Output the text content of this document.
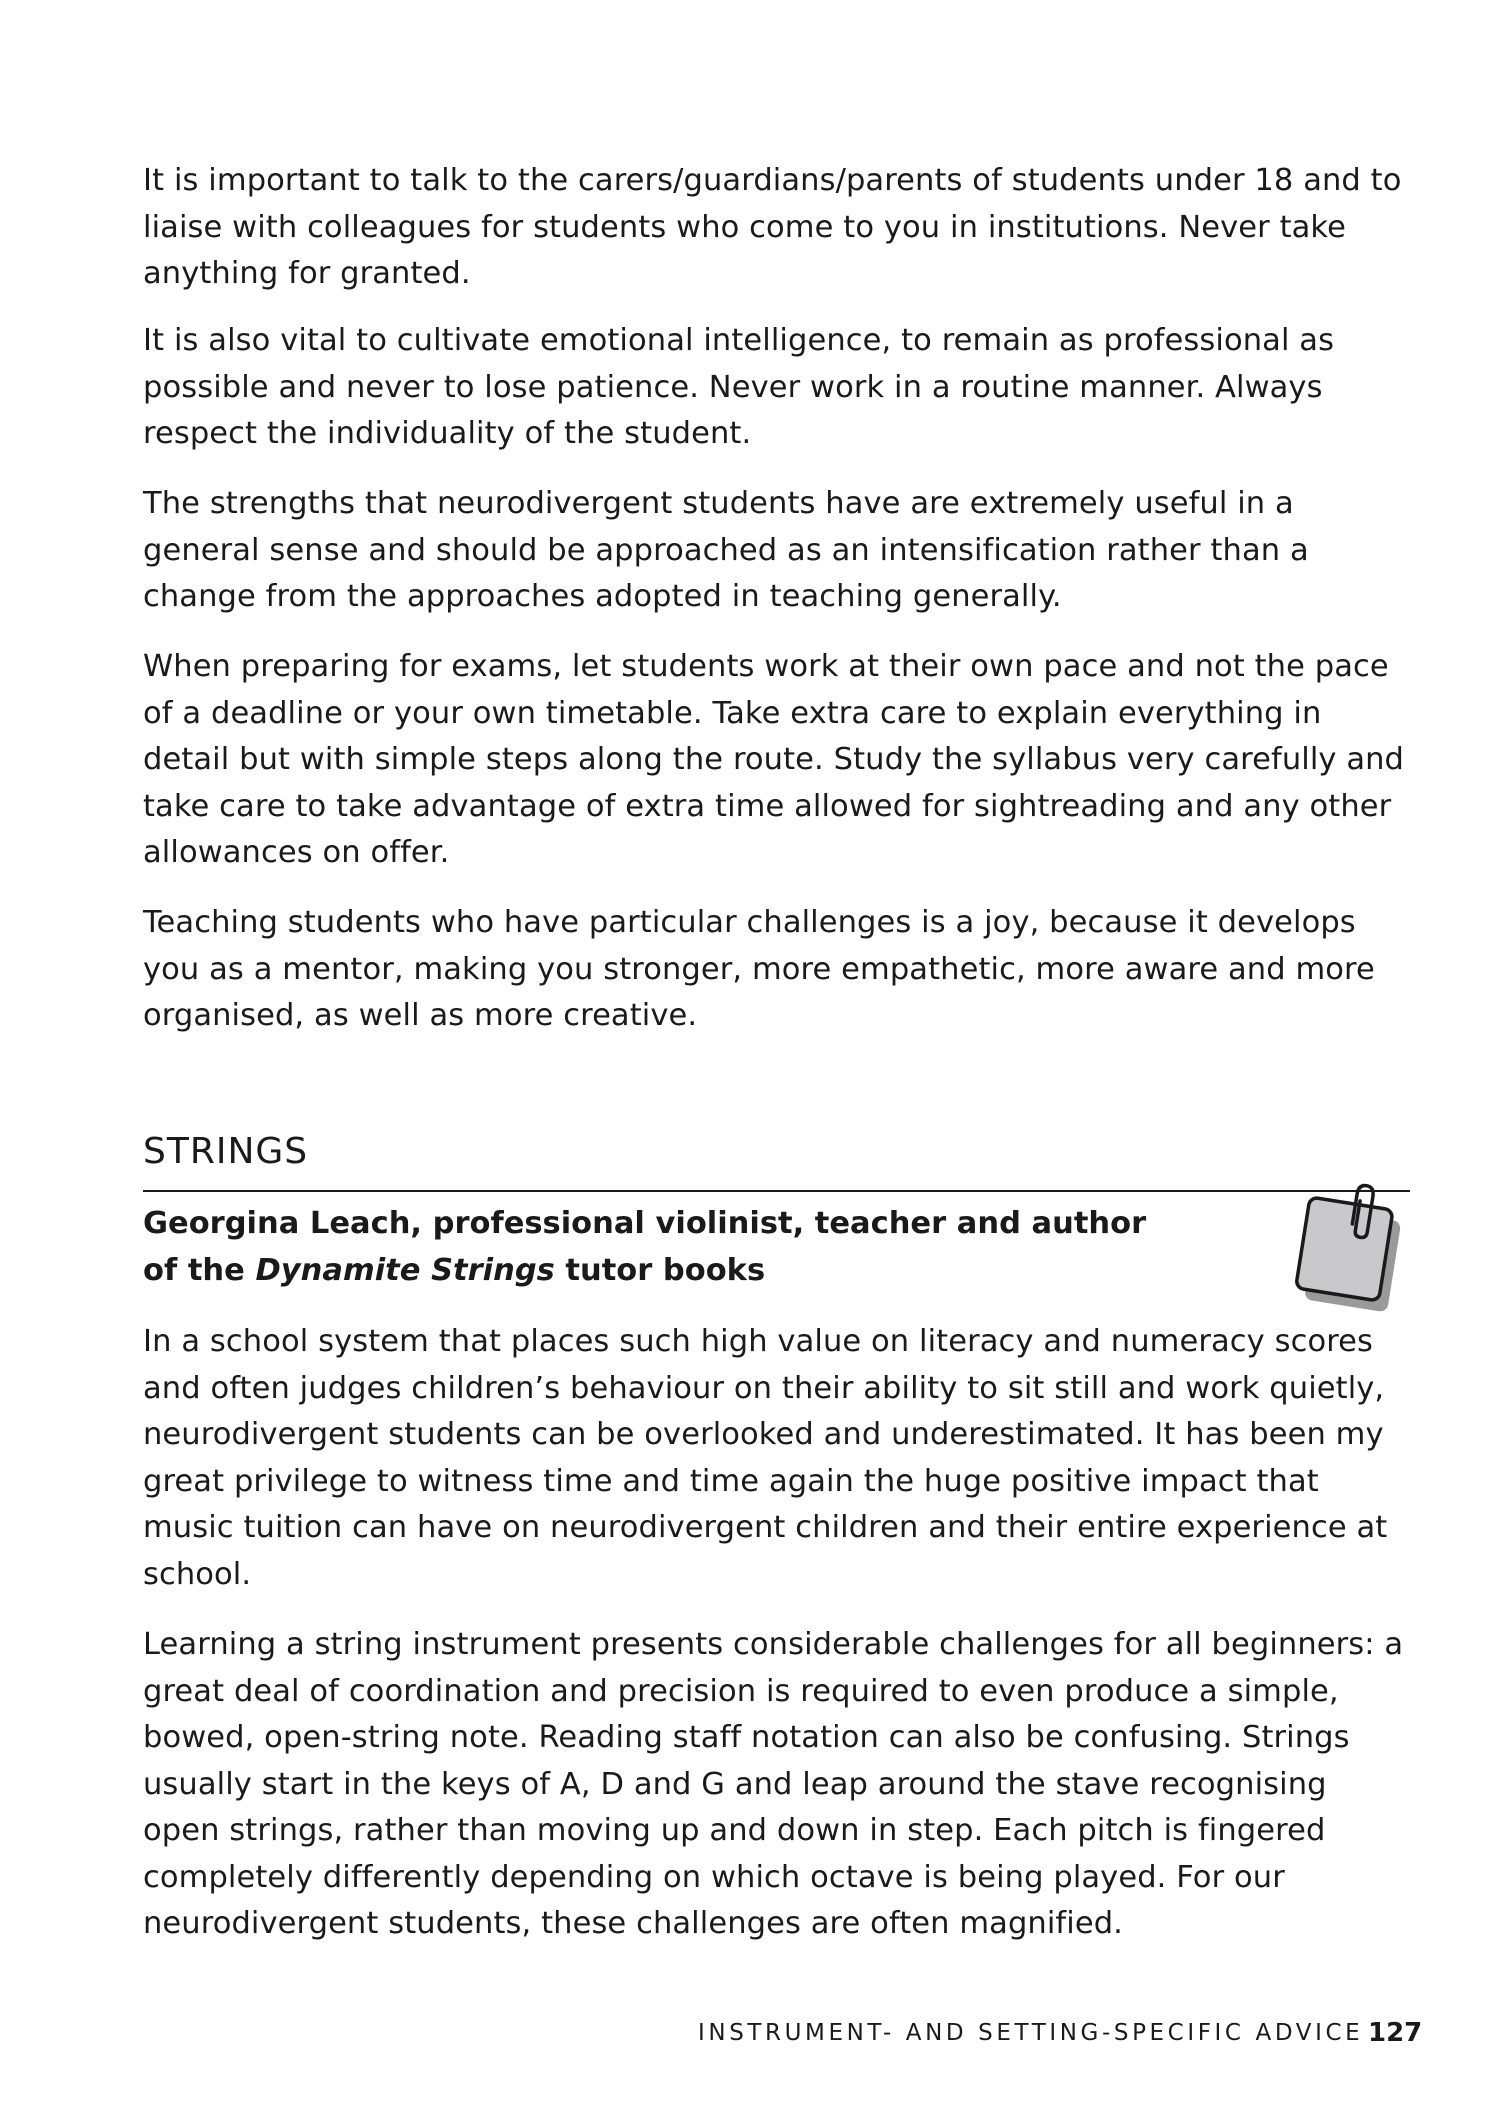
It is important to talk to the carers/guardians/parents of students under 18 and to liaise with colleagues for students who come to you in institutions. Never take anything for granted.

It is also vital to cultivate emotional intelligence, to remain as professional as possible and never to lose patience. Never work in a routine manner. Always respect the individuality of the student.

The strengths that neurodivergent students have are extremely useful in a general sense and should be approached as an intensification rather than a change from the approaches adopted in teaching generally.

When preparing for exams, let students work at their own pace and not the pace of a deadline or your own timetable. Take extra care to explain everything in detail but with simple steps along the route. Study the syllabus very carefully and take care to take advantage of extra time allowed for sightreading and any other allowances on offer.

Teaching students who have particular challenges is a joy, because it develops you as a mentor, making you stronger, more empathetic, more aware and more organised, as well as more creative.

STRINGS
Georgina Leach, professional violinist, teacher and author
of the Dynamite Strings tutor books

In a school system that places such high value on literacy and numeracy scores and often judges children’s behaviour on their ability to sit still and work quietly, neurodivergent students can be overlooked and underestimated. It has been my great privilege to witness time and time again the huge positive impact that music tuition can have on neurodivergent children and their entire experience at school.

Learning a string instrument presents considerable challenges for all beginners: a great deal of coordination and precision is required to even produce a simple, bowed, open-string note. Reading staff notation can also be confusing. Strings usually start in the keys of A, D and G and leap around the stave recognising open strings, rather than moving up and down in step. Each pitch is fingered completely differently depending on which octave is being played. For our neurodivergent students, these challenges are often magnified.

INSTRUMENT- AND SETTING-SPECIFIC ADVICE 127
